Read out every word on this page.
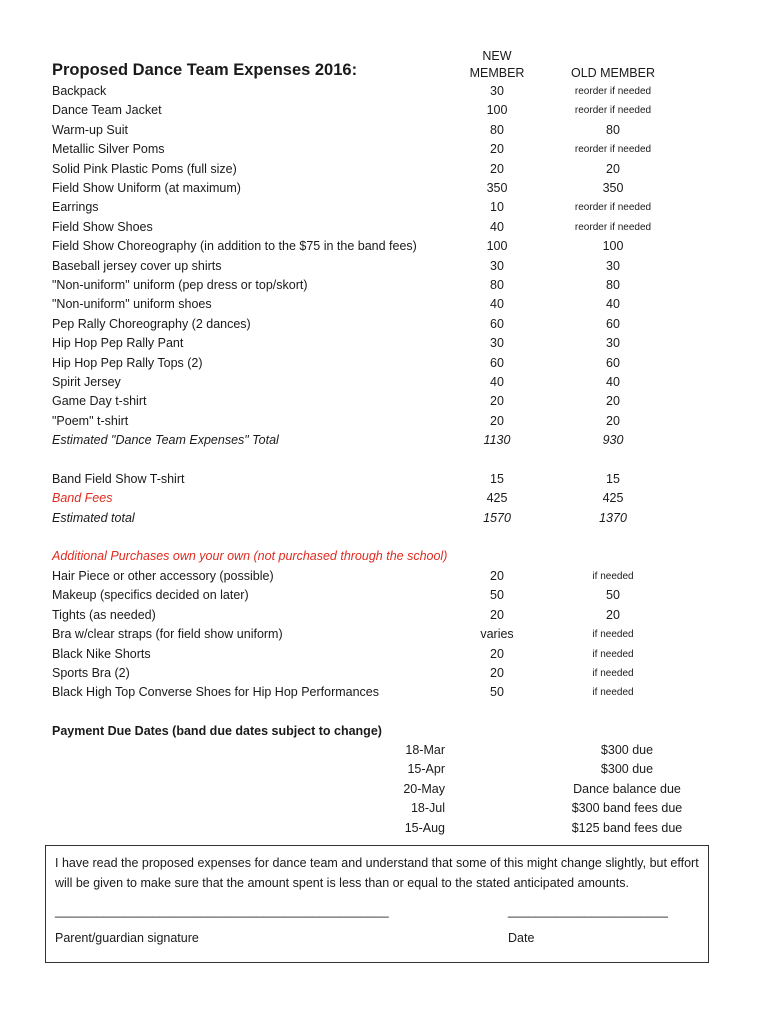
Proposed Dance Team Expenses 2016:
NEW
MEMBER	OLD MEMBER
Backpack	30	reorder if needed
Dance Team Jacket	100	reorder if needed
Warm-up Suit	80	80
Metallic Silver Poms	20	reorder if needed
Solid Pink Plastic Poms (full size)	20	20
Field Show Uniform (at maximum)	350	350
Earrings	10	reorder if needed
Field Show Shoes	40	reorder if needed
Field Show Choreography (in addition to the $75 in the band fees)	100	100
Baseball jersey cover up shirts	30	30
"Non-uniform" uniform (pep dress or top/skort)	80	80
"Non-uniform" uniform shoes	40	40
Pep Rally Choreography (2 dances)	60	60
Hip Hop Pep Rally Pant	30	30
Hip Hop Pep Rally Tops (2)	60	60
Spirit Jersey	40	40
Game Day t-shirt	20	20
"Poem" t-shirt	20	20
Estimated "Dance Team Expenses" Total	1130	930
Band Field Show T-shirt	15	15
Band Fees	425	425
Estimated total	1570	1370
Additional Purchases own your own (not purchased through the school)
Hair Piece or other accessory (possible)	20	if needed
Makeup (specifics decided on later)	50	50
Tights (as needed)	20	20
Bra w/clear straps (for field show uniform)	varies	if needed
Black Nike Shorts	20	if needed
Sports Bra (2)	20	if needed
Black High Top Converse Shoes for Hip Hop Performances	50	if needed
Payment Due Dates (band due dates subject to change)
18-Mar	$300 due
15-Apr	$300 due
20-May	Dance balance due
18-Jul	$300 band fees due
15-Aug	$125 band fees due
I have read the proposed expenses for dance team and understand that some of this might change slightly, but effort will be given to make sure that the amount spent is less than or equal to the stated anticipated amounts.
________________________________________________	_______________________
Parent/guardian signature	Date
